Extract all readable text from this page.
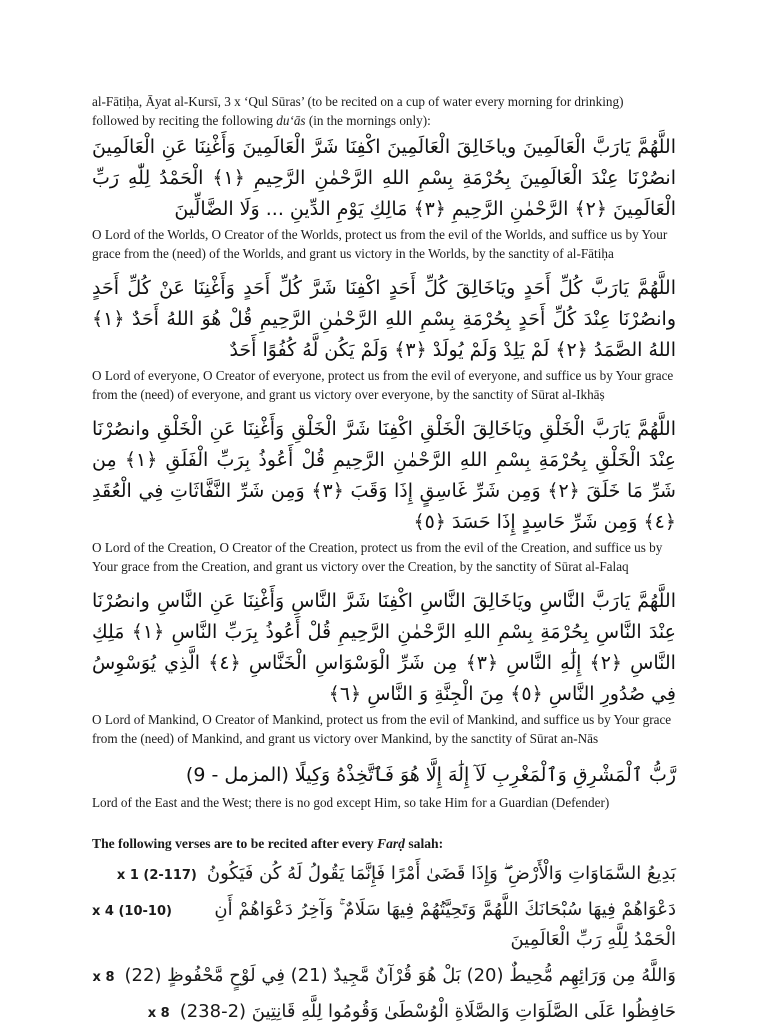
al-Fātiḥa, Āyat al-Kursī, 3 x ‘Qul Sūras’ (to be recited on a cup of water every morning for drinking)
followed by reciting the following du‘ās (in the mornings only):

اللَّهُمَّ يَارَبَّ الْعَالَمِينَ وياخَالِقَ الْعَالَمِينَ اكْفِنَا شَرَّ الْعَالَمِينَ وَأَغْنِنَا عَنِ الْعَالَمِينَ انصُرْنَا عِنْدَ الْعَالَمِينَ بِحُرْمَةِ بِسْمِ اللهِ الرَّحْمٰنِ الرَّحِيمِ ﴿١﴾ الْحَمْدُ لِلّٰهِ رَبِّ الْعَالَمِينَ ﴿٢﴾ الرَّحْمٰنِ الرَّحِيمِ ﴿٣﴾ مَالِكِ يَوْمِ الدِّينِ ... وَلَا الضَّالِّينَ

O Lord of the Worlds, O Creator of the Worlds, protect us from the evil of the Worlds, and suffice us by Your grace from the (need) of the Worlds, and grant us victory in the Worlds, by the sanctity of al-Fātiḥa

اللَّهُمَّ يَارَبَّ كُلِّ أَحَدٍ ويَاخَالِقَ كُلِّ أَحَدٍ اكْفِنَا شَرَّ كُلِّ أَحَدٍ وَأَغْنِنَا عَنْ كُلِّ أَحَدٍ وانصُرْنَا عِنْدَ كُلِّ أَحَدٍ بِحُرْمَةِ بِسْمِ اللهِ الرَّحْمٰنِ الرَّحِيمِ قُلْ هُوَ اللهُ أَحَدٌ ﴿١﴾ اللهُ الصَّمَدُ ﴿٢﴾ لَمْ يَلِدْ وَلَمْ يُولَدْ ﴿٣﴾ وَلَمْ يَكُن لَّهُ كُفُوًا أَحَدٌ

O Lord of everyone, O Creator of everyone, protect us from the evil of everyone, and suffice us by Your grace from the (need) of everyone, and grant us victory over everyone, by the sanctity of Sūrat al-Ikhāṣ

اللَّهُمَّ يَارَبَّ الْخَلْقِ ويَاخَالِقَ الْخَلْقِ اكْفِنَا شَرَّ الْخَلْقِ وَأَغْنِنَا عَنِ الْخَلْقِ وانصُرْنَا عِنْدَ الْخَلْقِ بِحُرْمَةِ بِسْمِ اللهِ الرَّحْمٰنِ الرَّحِيمِ قُلْ أَعُوذُ بِرَبِّ الْفَلَقِ ﴿١﴾ مِن شَرِّ مَا خَلَقَ ﴿٢﴾ وَمِن شَرِّ غَاسِقٍ إِذَا وَقَبَ ﴿٣﴾ وَمِن شَرِّ النَّفَّاثَاتِ فِي الْعُقَدِ ﴿٤﴾ وَمِن شَرِّ حَاسِدٍ إِذَا حَسَدَ ﴿٥﴾

O Lord of the Creation, O Creator of the Creation, protect us from the evil of the Creation, and suffice us by Your grace from the Creation, and grant us victory over the Creation, by the sanctity of Sūrat al-Falaq

اللَّهُمَّ يَارَبَّ النَّاسِ ويَاخَالِقَ النَّاسِ اكْفِنَا شَرَّ النَّاسِ وَأَغْنِنَا عَنِ النَّاسِ وانصُرْنَا عِنْدَ النَّاسِ بِحُرْمَةِ بِسْمِ اللهِ الرَّحْمٰنِ الرَّحِيمِ قُلْ أَعُوذُ بِرَبِّ النَّاسِ ﴿١﴾ مَلِكِ النَّاسِ ﴿٢﴾ إِلَٰهِ النَّاسِ ﴿٣﴾ مِن شَرِّ الْوَسْوَاسِ الْخَنَّاسِ ﴿٤﴾ الَّذِي يُوَسْوِسُ فِي صُدُورِ النَّاسِ ﴿٥﴾ مِنَ الْجِنَّةِ وَ النَّاسِ ﴿٦﴾

O Lord of Mankind, O Creator of Mankind, protect us from the evil of Mankind, and suffice us by Your grace from the (need) of Mankind, and grant us victory over Mankind, by the sanctity of Sūrat an-Nās

رَّبُّ ٱلْمَشْرِقِ وَٱلْمَغْرِبِ لَآ إِلَٰهَ إِلَّا هُوَ فَٱتَّخِذْهُ وَكِيلًا (المزمل - 9)

Lord of the East and the West; there is no god except Him, so take Him for a Guardian (Defender)

The following verses are to be recited after every Farḍ salah:

بَدِيعُ السَّمَاوَاتِ وَالْأَرْضِ ۖ وَإِذَا قَضَىٰ أَمْرًا فَإِنَّمَا يَقُولُ لَهُ كُن فَيَكُونُ
x 1 (2-117)
دَعْوَاهُمْ فِيهَا سُبْحَانَكَ اللَّهُمَّ وَتَحِيَّتُهُمْ فِيهَا سَلَامٌ ۚ وَآخِرُ دَعْوَاهُمْ أَنِ الْحَمْدُ لِلَّهِ رَبِّ الْعَالَمِينَ
x 4 (10-10)
وَاللَّهُ مِن وَرَائِهِم مُّحِيطٌ (20) بَلْ هُوَ قُرْآنٌ مَّجِيدٌ (21) فِي لَوْحٍ مَّحْفُوظٍ (22)
x 8
حَافِظُوا عَلَى الصَّلَوَاتِ وَالصَّلَاةِ الْوُسْطَىٰ وَقُومُوا لِلَّهِ قَانِتِينَ (2-238)
x 8
